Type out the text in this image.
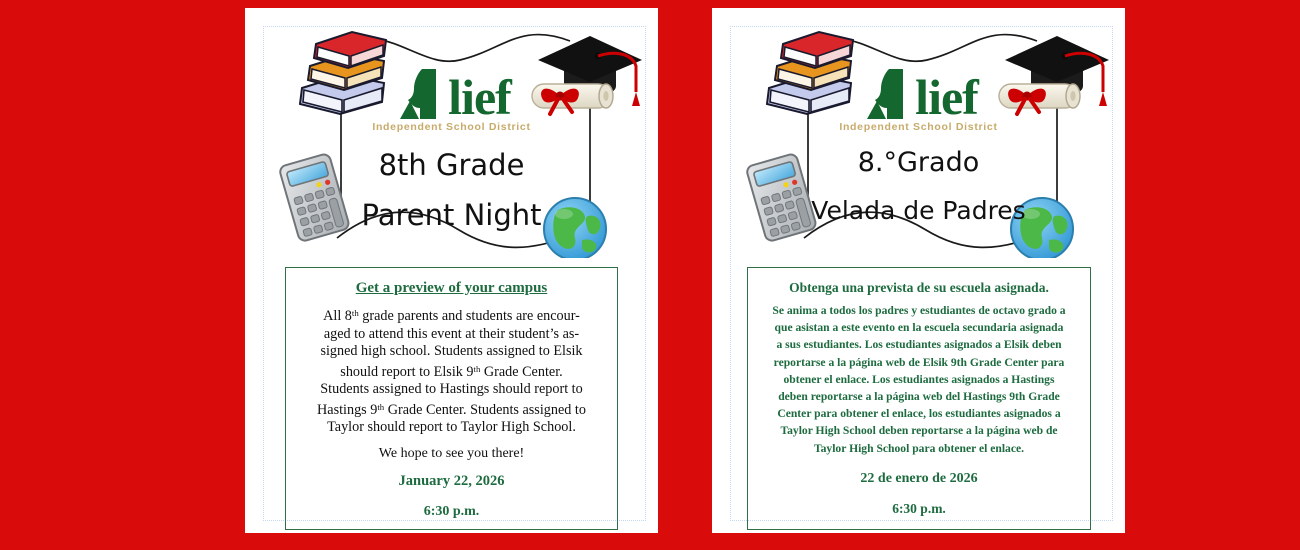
lief
Independent School District
8th Grade
Parent Night
Get a preview of your campus
All 8th grade parents and students are encour-
aged to attend this event at their student’s as-
signed high school. Students assigned to Elsik
should report to Elsik 9th Grade Center.
Students assigned to Hastings should report to
Hastings 9th Grade Center. Students assigned to
Taylor should report to Taylor High School.
We hope to see you there!
January 22, 2026
6:30 p.m.
lief
Independent School District
8.°Grado
Velada de Padres
Obtenga una prevista de su escuela asignada.
Se anima a todos los padres y estudiantes de octavo grado a
que asistan a este evento en la escuela secundaria asignada
a sus estudiantes. Los estudiantes asignados a Elsik deben
reportarse a la página web de Elsik 9th Grade Center para
obtener el enlace. Los estudiantes asignados a Hastings
deben reportarse a la página web del Hastings 9th Grade
Center para obtener el enlace, los estudiantes asignados a
Taylor High School deben reportarse a la página web de
Taylor High School para obtener el enlace.
22 de enero de 2026
6:30 p.m.
